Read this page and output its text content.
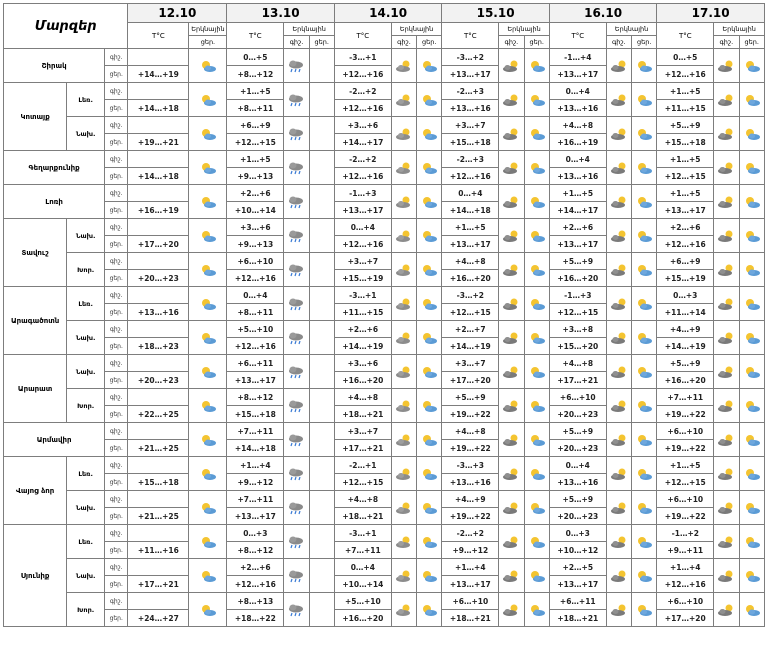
Մարզեր			12.10		13.10			14.10			15.10			16.10			17.10		
			T°C	Երկնային	T°C	Երկնային		T°C	Երկնային		T°C	Երկնային		T°C	Երկնային		T°C	Երկնային	
				ցեր.		գիշ.	ցեր.		գիշ.	ցեր.		գիշ.	ցեր.		գիշ.	ցեր.		գիշ.	ցեր.
Շիրակ		գիշ.			0…+5			-3…+1			-3…+2			-1…+4			0…+5	

		ցեր.	+14…+19		+8…+12			+12…+16			+13…+17			+13…+17			+12…+16		
Կոտայք	Լեռ.	գիշ.			+1…+5			-2…+2			-2…+3			0…+4			+1…+5	

		ցեր.	+14…+18		+8…+11			+12…+16			+13…+16			+13…+16			+11…+15		
	Նախ.	գիշ.			+6…+9			+3…+6			+3…+7			+4…+8			+5…+9	

		ցեր.	+19…+21		+12…+15			+14…+17			+15…+18			+16…+19			+15…+18		
Գեղարքունիք		գիշ.			+1…+5			-2…+2			-2…+3			0…+4			+1…+5	

		ցեր.	+14…+18		+9…+13			+12…+16			+12…+16			+13…+16			+12…+15		
Լոռի		գիշ.			+2…+6			-1…+3			0…+4			+1…+5			+1…+5	

		ցեր.	+16…+19		+10…+14			+13…+17			+14…+18			+14…+17			+13…+17		
Տավուշ	Նախ.	գիշ.			+3…+6			0…+4			+1…+5			+2…+6			+2…+6	

		ցեր.	+17…+20		+9…+13			+12…+16			+13…+17			+13…+17			+12…+16		
	Խոր.	գիշ.			+6…+10			+3…+7			+4…+8			+5…+9			+6…+9	

		ցեր.	+20…+23		+12…+16			+15…+19			+16…+20			+16…+20			+15…+19		
Արագածոտն	Լեռ.	գիշ.			0…+4			-3…+1			-3…+2			-1…+3			0…+3	

		ցեր.	+13…+16		+8…+11			+11…+15			+12…+15			+12…+15			+11…+14		
	Նախ.	գիշ.			+5…+10			+2…+6			+2…+7			+3…+8			+4…+9	

		ցեր.	+18…+23		+12…+16			+14…+19			+14…+19			+15…+20			+14…+19		
Արարատ	Նախ.	գիշ.			+6…+11			+3…+6			+3…+7			+4…+8			+5…+9	

		ցեր.	+20…+23		+13…+17			+16…+20			+17…+20			+17…+21			+16…+20		
	Խոր.	գիշ.			+8…+12			+4…+8			+5…+9			+6…+10			+7…+11	

		ցեր.	+22…+25		+15…+18			+18…+21			+19…+22			+20…+23			+19…+22		
Արմավիր		գիշ.			+7…+11			+3…+7			+4…+8			+5…+9			+6…+10	

		ցեր.	+21…+25		+14…+18			+17…+21			+19…+22			+20…+23			+19…+22		
Վայոց ձոր	Լեռ.	գիշ.			+1…+4			-2…+1			-3…+3			0…+4			+1…+5	

		ցեր.	+15…+18		+9…+12			+12…+15			+13…+16			+13…+16			+12…+15		
	Նախ.	գիշ.			+7…+11			+4…+8			+4…+9			+5…+9			+6…+10	

		ցեր.	+21…+25		+13…+17			+18…+21			+19…+22			+20…+23			+19…+22		
Սյունիք	Լեռ.	գիշ.			0…+3			-3…+1			-2…+2			0…+3			-1…+2	

		ցեր.	+11…+16		+8…+12			+7…+11			+9…+12			+10…+12			+9…+11		
	Նախ.	գիշ.			+2…+6			0…+4			+1…+4			+2…+5			+1…+4	

		ցեր.	+17…+21		+12…+16			+10…+14			+13…+17			+13…+17			+12…+16		
	Խոր.	գիշ.			+8…+13			+5…+10			+6…+10			+6…+11			+6…+10	

		ցեր.	+24…+27		+18…+22			+16…+20			+18…+21			+18…+21			+17…+20		
